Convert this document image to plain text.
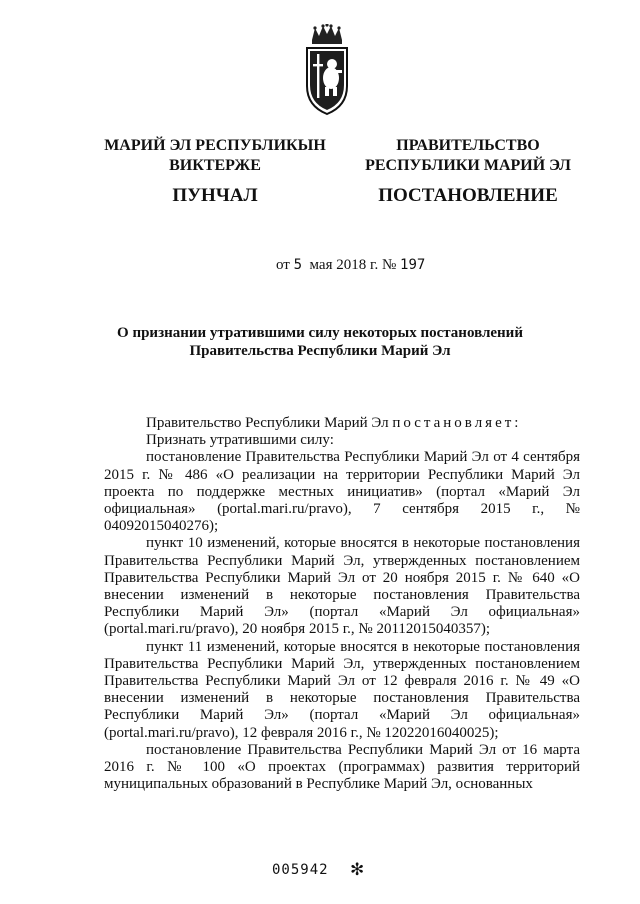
МАРИЙ ЭЛ РЕСПУБЛИКЫН
ВИКТЕРЖЕ
ПУНЧАЛ
ПРАВИТЕЛЬСТВО
РЕСПУБЛИКИ МАРИЙ ЭЛ
ПОСТАНОВЛЕНИЕ
от 5 мая 2018 г. № 197
О признании утратившими силу некоторых постановлений
Правительства Республики Марий Эл

Правительство Республики Марий Эл постановляет:

Признать утратившими силу:

постановление Правительства Республики Марий Эл от 4 сентября 2015 г. № 486 «О реализации на территории Республики Марий Эл проекта по поддержке местных инициатив» (портал «Марий Эл официальная» (portal.mari.ru/pravo), 7 сентября 2015 г., № 04092015040276);

пункт 10 изменений, которые вносятся в некоторые постановления Правительства Республики Марий Эл, утвержденных постановлением Правительства Республики Марий Эл от 20 ноября 2015 г. № 640 «О внесении изменений в некоторые постановления Правительства Республики Марий Эл» (портал «Марий Эл официальная» (portal.mari.ru/pravo), 20 ноября 2015 г., № 20112015040357);

пункт 11 изменений, которые вносятся в некоторые постановления Правительства Республики Марий Эл, утвержденных постановлением Правительства Республики Марий Эл от 12 февраля 2016 г. № 49 «О внесении изменений в некоторые постановления Правительства Республики Марий Эл» (портал «Марий Эл официальная» (portal.mari.ru/pravo), 12 февраля 2016 г., № 12022016040025);

постановление Правительства Республики Марий Эл от 16 марта 2016 г. № 100 «О проектах (программах) развития территорий муниципальных образований в Республике Марий Эл, основанных

005942 ✻
